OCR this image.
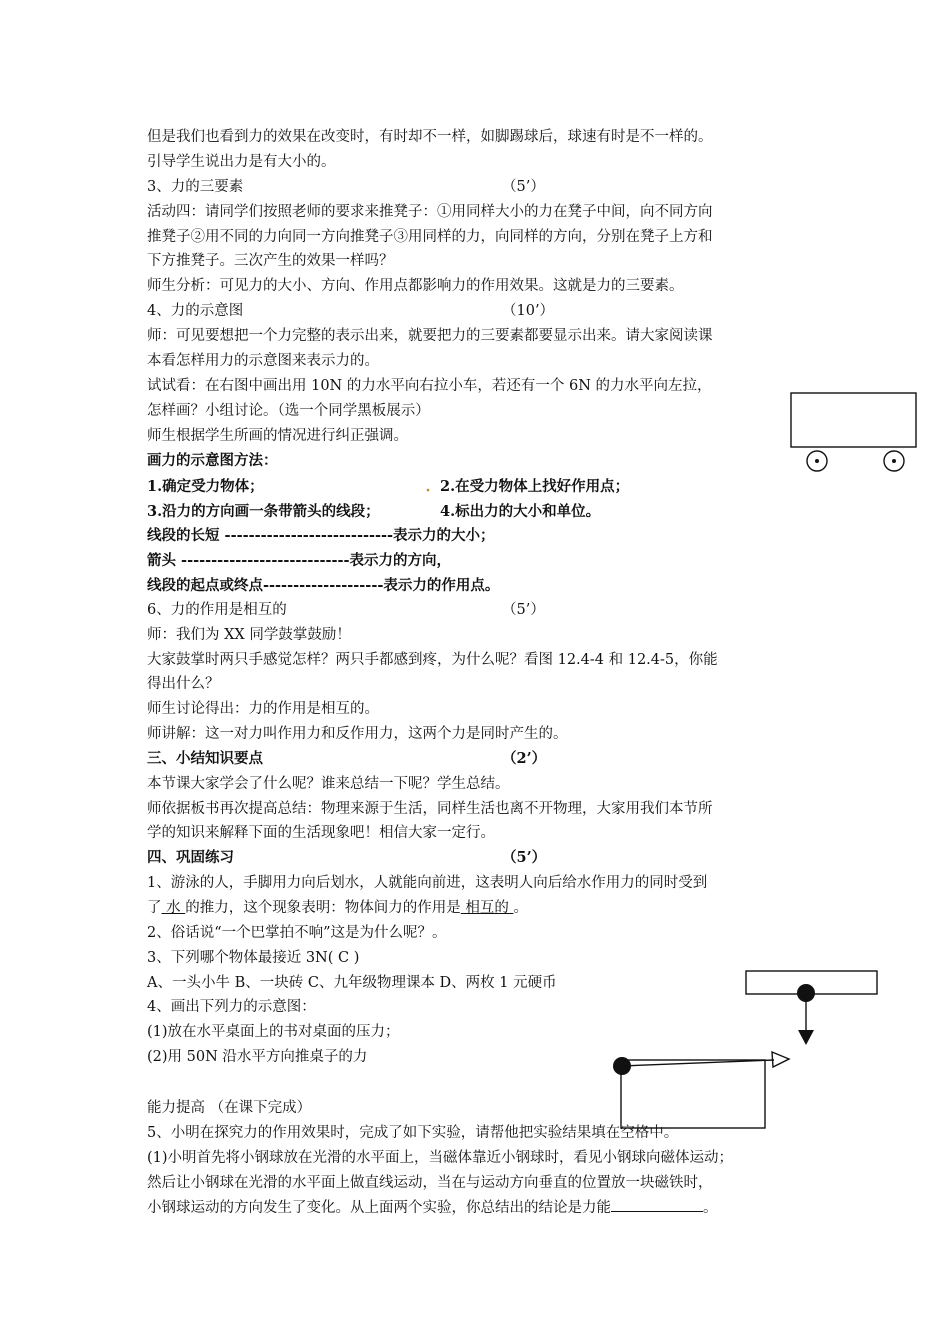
但是我们也看到力的效果在改变时，有时却不一样，如脚踢球后，球速有时是不一样的。
引导学生说出力是有大小的。
3、力的三要素	（5’）
活动四：请同学们按照老师的要求来推凳子：①用同样大小的力在凳子中间，向不同方向
推凳子②用不同的力向同一方向推凳子③用同样的力，向同样的方向，分别在凳子上方和
下方推凳子。三次产生的效果一样吗？
师生分析：可见力的大小、方向、作用点都影响力的作用效果。这就是力的三要素。
4、力的示意图	（10’）
师：可见要想把一个力完整的表示出来，就要把力的三要素都要显示出来。请大家阅读课
本看怎样用力的示意图来表示力的。
试试看：在右图中画出用 10N 的力水平向右拉小车，若还有一个 6N 的力水平向左拉，
怎样画？小组讨论。（选一个同学黑板展示）
师生根据学生所画的情况进行纠正强调。
画力的示意图方法：
1.确定受力物体；	2.在受力物体上找好作用点；
3.沿力的方向画一条带箭头的线段；	4.标出力的大小和单位。
线段的长短 ----------------------------表示力的大小；
箭头 ----------------------------表示力的方向，
线段的起点或终点--------------------表示力的作用点。
6、力的作用是相互的	（5’）
师：我们为 XX 同学鼓掌鼓励！
大家鼓掌时两只手感觉怎样？两只手都感到疼，为什么呢？看图 12.4-4 和 12.4-5，你能
得出什么？
师生讨论得出：力的作用是相互的。
师讲解：这一对力叫作用力和反作用力，这两个力是同时产生的。
三、小结知识要点	（2’）
本节课大家学会了什么呢？谁来总结一下呢？学生总结。
师依据板书再次提高总结：物理来源于生活，同样生活也离不开物理，大家用我们本节所
学的知识来解释下面的生活现象吧！相信大家一定行。
四、巩固练习	（5’）
1、游泳的人，手脚用力向后划水，人就能向前进，这表明人向后给水作用力的同时受到
了 水 的推力，这个现象表明：物体间力的作用是 相互的 。
2、俗话说“一个巴掌拍不响”这是为什么呢？。
3、下列哪个物体最接近 3N( C )
A、一头小牛 B、一块砖 C、九年级物理课本 D、两枚 1 元硬币
4、画出下列力的示意图：
(1)放在水平桌面上的书对桌面的压力；
(2)用 50N 沿水平方向推桌子的力
能力提高 （在课下完成）
5、小明在探究力的作用效果时，完成了如下实验，请帮他把实验结果填在空格中。
(1)小明首先将小钢球放在光滑的水平面上，当磁体靠近小钢球时，看见小钢球向磁体运动；
然后让小钢球在光滑的水平面上做直线运动，当在与运动方向垂直的位置放一块磁铁时，
小钢球运动的方向发生了变化。从上面两个实验，你总结出的结论是力能	。
